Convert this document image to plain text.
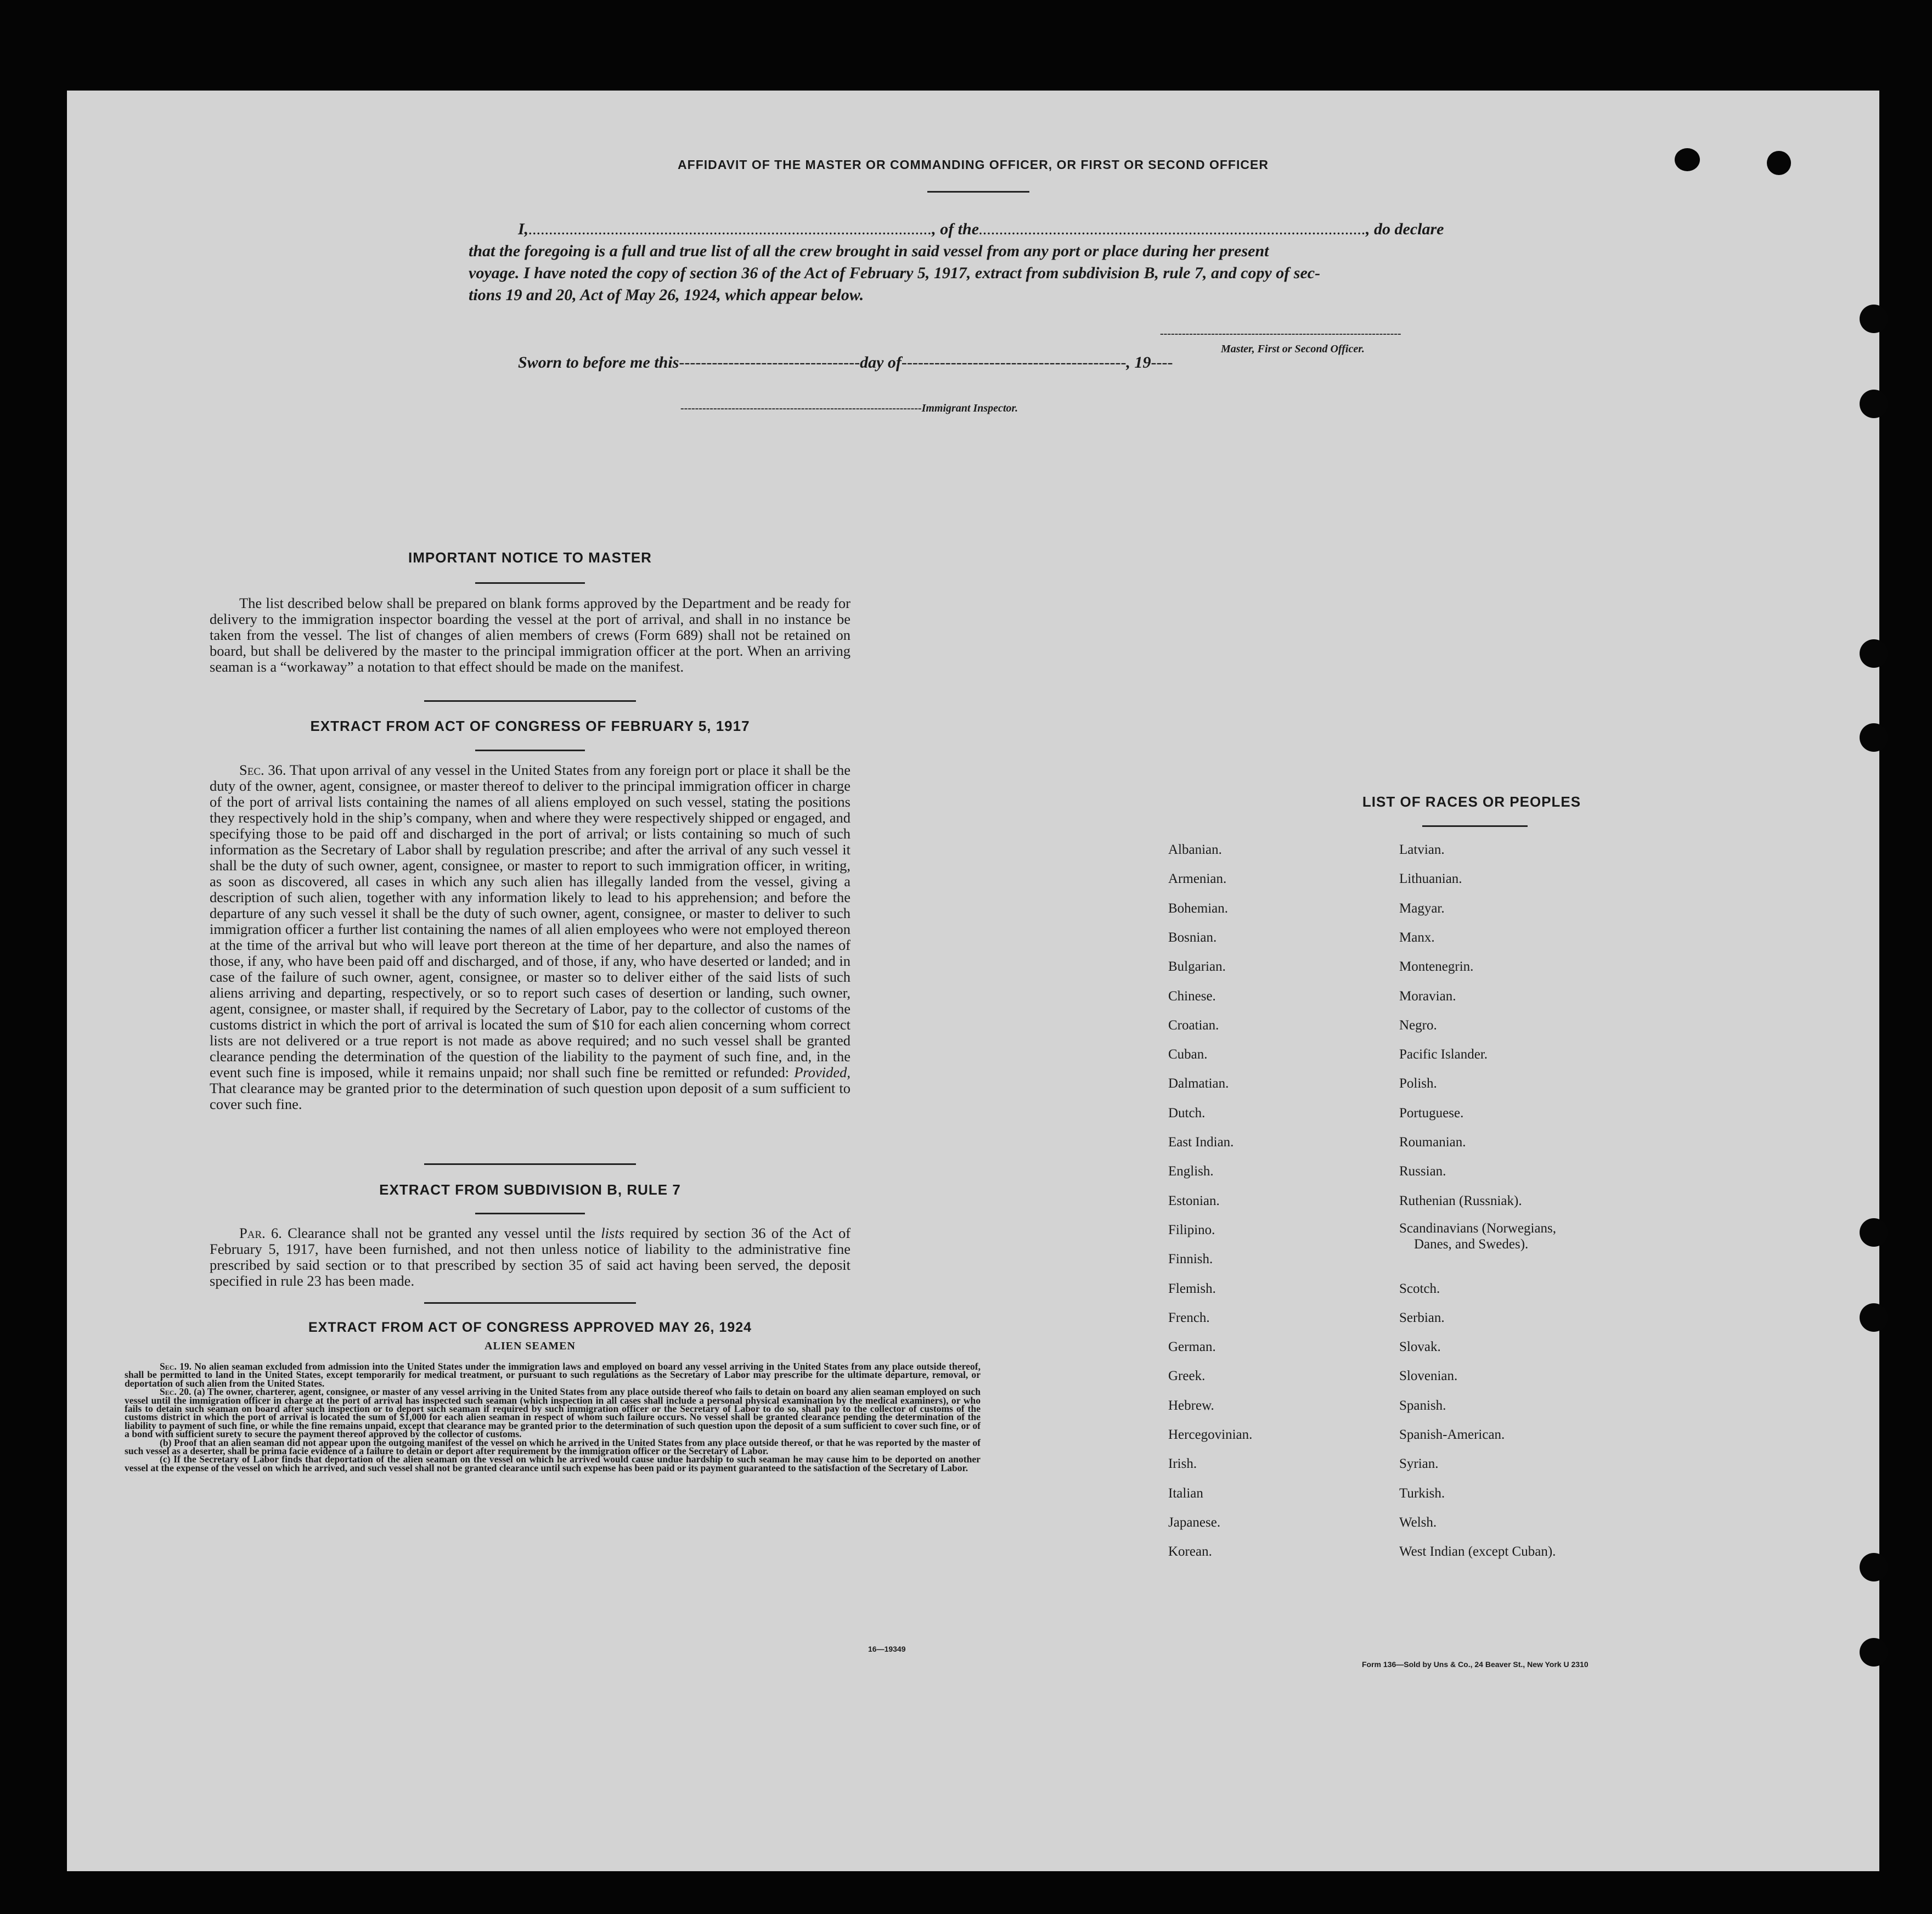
AFFIDAVIT OF THE MASTER OR COMMANDING OFFICER, OR FIRST OR SECOND OFFICER
I,.................................................................................................., of the.............................................................................................., do declare
that the foregoing is a full and true list of all the crew brought in said vessel from any port or place during her present
voyage. I have noted the copy of section 36 of the Act of February 5, 1917, extract from subdivision B, rule 7, and copy of sec-
tions 19 and 20, Act of May 26, 1924, which appear below.
------------------------------------------------------------------
Master, First or Second Officer.
Sworn to before me this---------------------------------day of-----------------------------------------, 19----
------------------------------------------------------------------Immigrant Inspector.
IMPORTANT NOTICE TO MASTER

The list described below shall be prepared on blank forms approved by the Department and be ready for delivery to the immigration inspector boarding the vessel at the port of arrival, and shall in no instance be taken from the vessel. The list of changes of alien members of crews (Form 689) shall not be retained on board, but shall be delivered by the master to the principal immigration officer at the port. When an arriving seaman is a “workaway” a notation to that effect should be made on the manifest.

EXTRACT FROM ACT OF CONGRESS OF FEBRUARY 5, 1917

Sec. 36. That upon arrival of any vessel in the United States from any foreign port or place it shall be the duty of the owner, agent, consignee, or master thereof to deliver to the principal immigration officer in charge of the port of arrival lists containing the names of all aliens employed on such vessel, stating the positions they respectively hold in the ship’s company, when and where they were respectively shipped or engaged, and specifying those to be paid off and discharged in the port of arrival; or lists containing so much of such information as the Secretary of Labor shall by regulation prescribe; and after the arrival of any such vessel it shall be the duty of such owner, agent, consignee, or master to report to such immigration officer, in writing, as soon as discovered, all cases in which any such alien has illegally landed from the vessel, giving a description of such alien, together with any information likely to lead to his apprehension; and before the departure of any such vessel it shall be the duty of such owner, agent, consignee, or master to deliver to such immigration officer a further list containing the names of all alien employees who were not employed thereon at the time of the arrival but who will leave port thereon at the time of her departure, and also the names of those, if any, who have been paid off and discharged, and of those, if any, who have deserted or landed; and in case of the failure of such owner, agent, consignee, or master so to deliver either of the said lists of such aliens arriving and departing, respectively, or so to report such cases of desertion or landing, such owner, agent, consignee, or master shall, if required by the Secretary of Labor, pay to the collector of customs of the customs district in which the port of arrival is located the sum of $10 for each alien concerning whom correct lists are not delivered or a true report is not made as above required; and no such vessel shall be granted clearance pending the determination of the question of the liability to the payment of such fine, and, in the event such fine is imposed, while it remains unpaid; nor shall such fine be remitted or refunded: Provided, That clearance may be granted prior to the determination of such question upon deposit of a sum sufficient to cover such fine.

EXTRACT FROM SUBDIVISION B, RULE 7

Par. 6. Clearance shall not be granted any vessel until the lists required by section 36 of the Act of February 5, 1917, have been furnished, and not then unless notice of liability to the administrative fine prescribed by said section or to that prescribed by section 35 of said act having been served, the deposit specified in rule 23 has been made.

EXTRACT FROM ACT OF CONGRESS APPROVED MAY 26, 1924
ALIEN SEAMEN

Sec. 19. No alien seaman excluded from admission into the United States under the immigration laws and employed on board any vessel arriving in the United States from any place outside thereof, shall be permitted to land in the United States, except temporarily for medical treatment, or pursuant to such regulations as the Secretary of Labor may prescribe for the ultimate departure, removal, or deportation of such alien from the United States.

Sec. 20. (a) The owner, charterer, agent, consignee, or master of any vessel arriving in the United States from any place outside thereof who fails to detain on board any alien seaman employed on such vessel until the immigration officer in charge at the port of arrival has inspected such seaman (which inspection in all cases shall include a personal physical examination by the medical examiners), or who fails to detain such seaman on board after such inspection or to deport such seaman if required by such immigration officer or the Secretary of Labor to do so, shall pay to the collector of customs of the customs district in which the port of arrival is located the sum of $1,000 for each alien seaman in respect of whom such failure occurs. No vessel shall be granted clearance pending the determination of the liability to payment of such fine, or while the fine remains unpaid, except that clearance may be granted prior to the determination of such question upon the deposit of a sum sufficient to cover such fine, or of a bond with sufficient surety to secure the payment thereof approved by the collector of customs.

(b) Proof that an alien seaman did not appear upon the outgoing manifest of the vessel on which he arrived in the United States from any place outside thereof, or that he was reported by the master of such vessel as a deserter, shall be prima facie evidence of a failure to detain or deport after requirement by the immigration officer or the Secretary of Labor.

(c) If the Secretary of Labor finds that deportation of the alien seaman on the vessel on which he arrived would cause undue hardship to such seaman he may cause him to be deported on another vessel at the expense of the vessel on which he arrived, and such vessel shall not be granted clearance until such expense has been paid or its payment guaranteed to the satisfaction of the Secretary of Labor.

16—19349
LIST OF RACES OR PEOPLES
Albanian.
Armenian.
Bohemian.
Bosnian.
Bulgarian.
Chinese.
Croatian.
Cuban.
Dalmatian.
Dutch.
East Indian.
English.
Estonian.
Filipino.
Finnish.
Flemish.
French.
German.
Greek.
Hebrew.
Hercegovinian.
Irish.
Italian
Japanese.
Korean.
Latvian.
Lithuanian.
Magyar.
Manx.
Montenegrin.
Moravian.
Negro.
Pacific Islander.
Polish.
Portuguese.
Roumanian.
Russian.
Ruthenian (Russniak).
Scandinavians (Norwegians,
Danes, and Swedes).
Scotch.
Serbian.
Slovak.
Slovenian.
Spanish.
Spanish-American.
Syrian.
Turkish.
Welsh.
West Indian (except Cuban).
Form 136—Sold by Uns & Co., 24 Beaver St., New York U 2310
